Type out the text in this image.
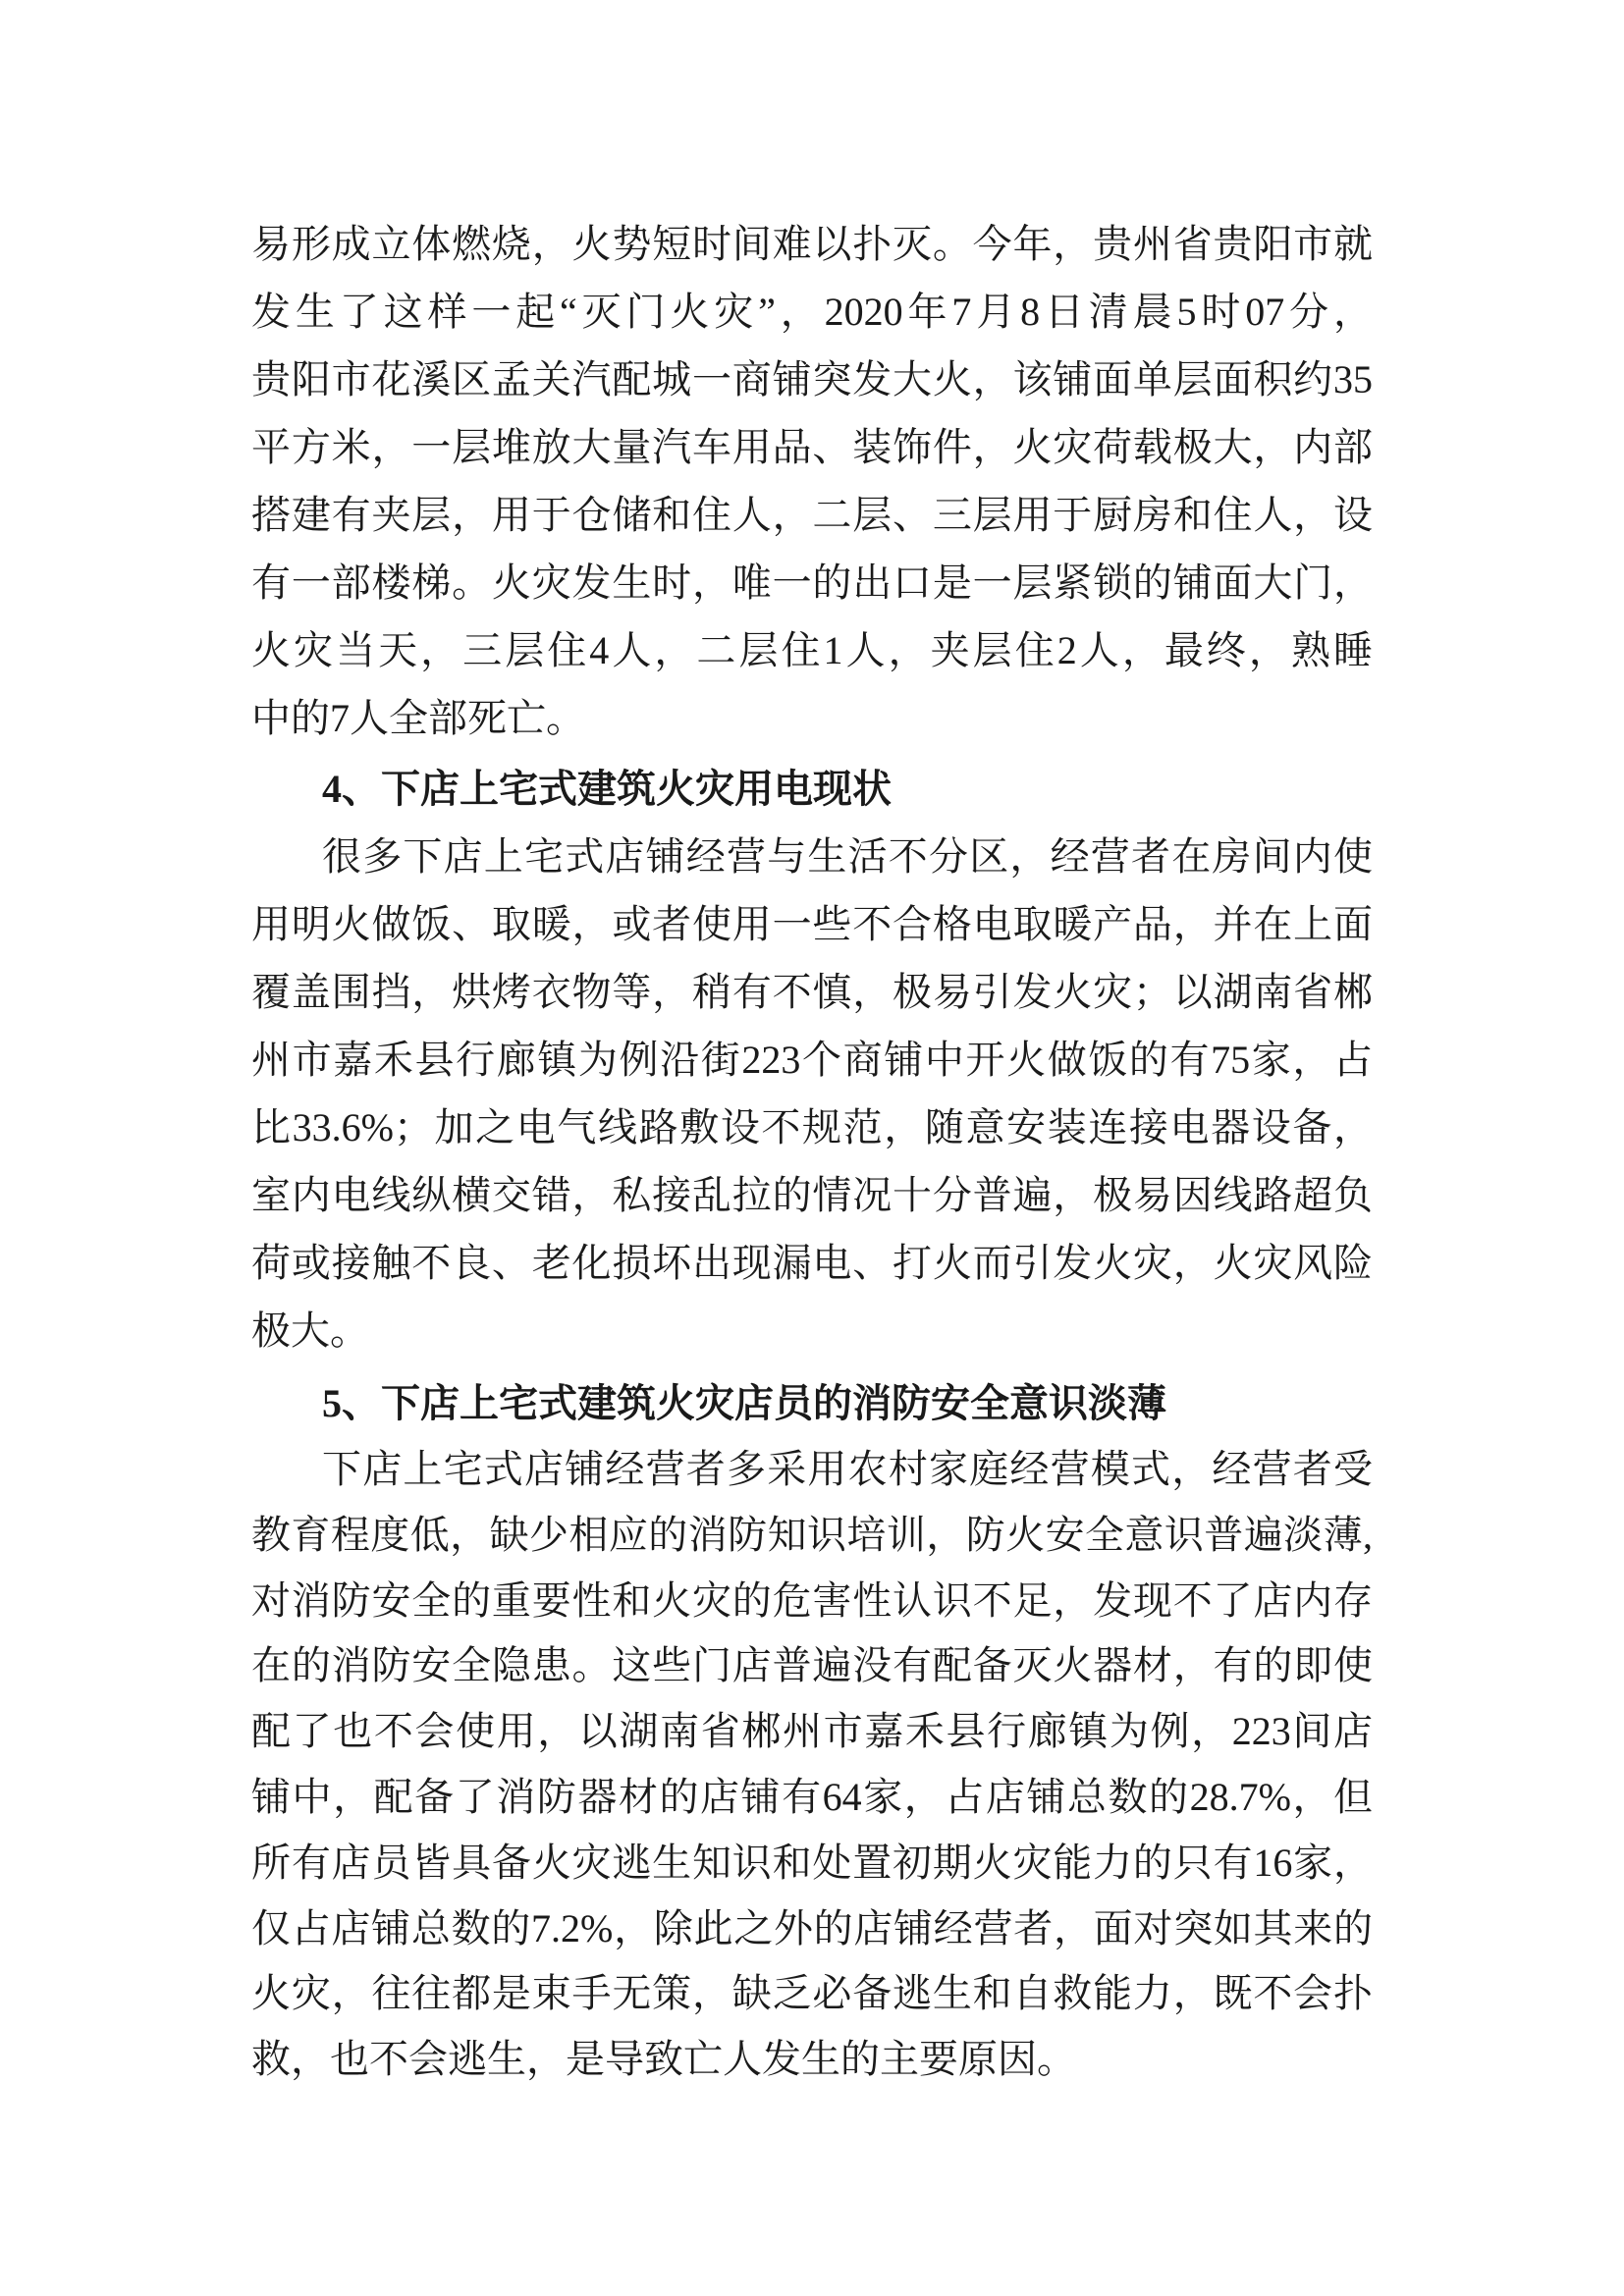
易形成立体燃烧，火势短时间难以扑灭。今年，贵州省贵阳市就
发生了这样一起“灭门火灾”，2020年7月8日清晨5时07分，
贵阳市花溪区孟关汽配城一商铺突发大火，该铺面单层面积约35
平方米，一层堆放大量汽车用品、装饰件，火灾荷载极大，内部
搭建有夹层，用于仓储和住人，二层、三层用于厨房和住人，设
有一部楼梯。火灾发生时，唯一的出口是一层紧锁的铺面大门，
火灾当天，三层住4人，二层住1人，夹层住2人，最终，熟睡
中的7人全部死亡。
4、下店上宅式建筑火灾用电现状
很多下店上宅式店铺经营与生活不分区，经营者在房间内使
用明火做饭、取暖，或者使用一些不合格电取暖产品，并在上面
覆盖围挡，烘烤衣物等，稍有不慎，极易引发火灾；以湖南省郴
州市嘉禾县行廊镇为例沿街223个商铺中开火做饭的有75家，占
比33.6%；加之电气线路敷设不规范，随意安装连接电器设备，
室内电线纵横交错，私接乱拉的情况十分普遍，极易因线路超负
荷或接触不良、老化损坏出现漏电、打火而引发火灾，火灾风险
极大。
5、下店上宅式建筑火灾店员的消防安全意识淡薄
下店上宅式店铺经营者多采用农村家庭经营模式，经营者受
教育程度低，缺少相应的消防知识培训，防火安全意识普遍淡薄,
对消防安全的重要性和火灾的危害性认识不足，发现不了店内存
在的消防安全隐患。这些门店普遍没有配备灭火器材，有的即使
配了也不会使用，以湖南省郴州市嘉禾县行廊镇为例，223间店
铺中，配备了消防器材的店铺有64家，占店铺总数的28.7%，但
所有店员皆具备火灾逃生知识和处置初期火灾能力的只有16家，
仅占店铺总数的7.2%，除此之外的店铺经营者，面对突如其来的
火灾，往往都是束手无策，缺乏必备逃生和自救能力，既不会扑
救，也不会逃生，是导致亡人发生的主要原因。
